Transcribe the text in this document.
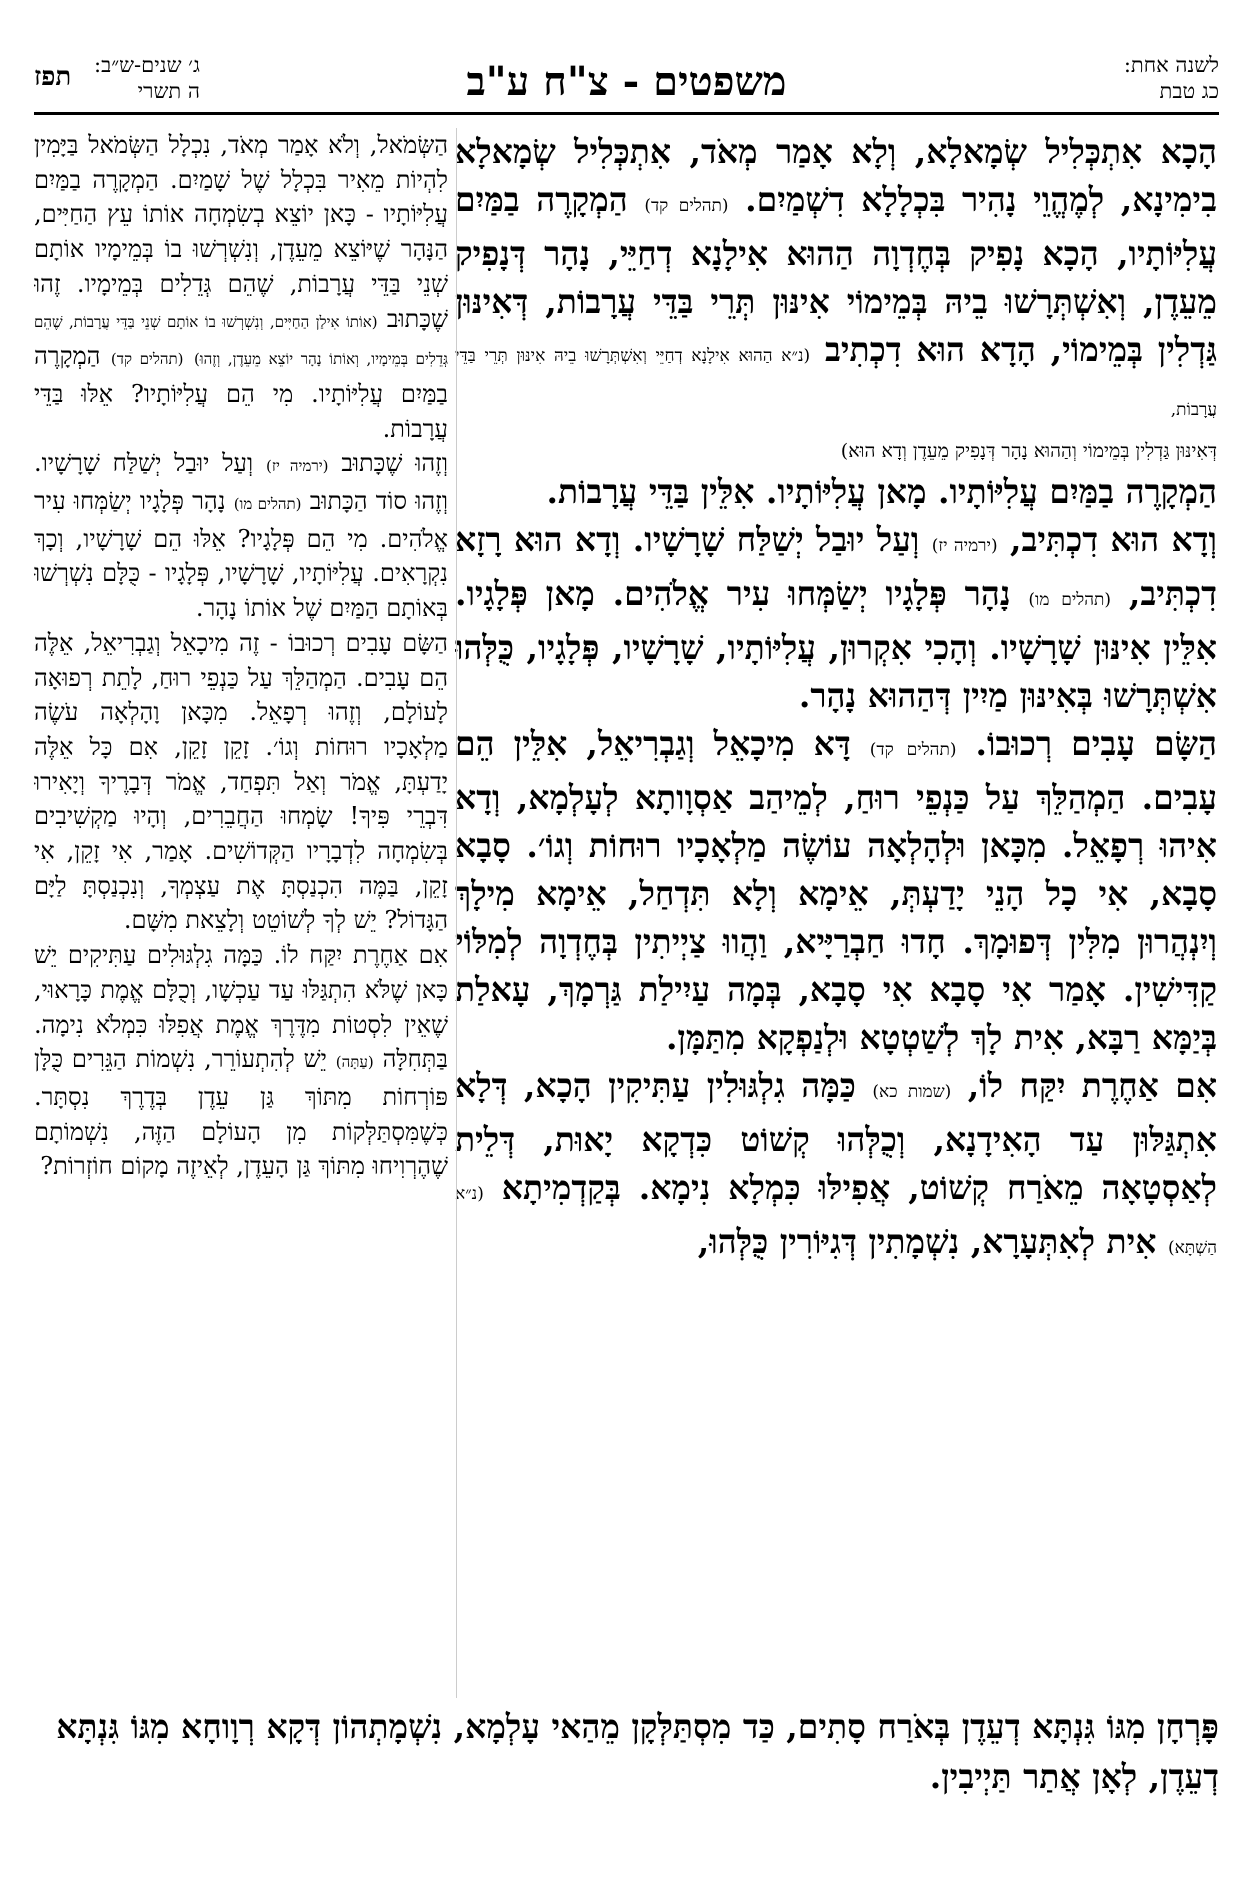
לשנה אחת:
כג טבת
משפטים - צ"ח ע"ב
ג׳ שנים-ש״ב:
ה תשרי
תפז

הָכָא אִתְכְּלִיל שְׂמָאלָא, וְלָא אָמַר מְאֹד, אִתְכְּלִיל שְׂמָאלָא בִימִינָא, לְמֶהֱוֵי נָהִיר בִּכְלָלָא דִשְׁמַיִם. (תהלים קד) הַמְקָרֶה בַמַּיִם עֲלִיּוֹתָיו, הָכָא נָפִיק בְּחֶדְוָה הַהוּא אִילָנָא דְחַיֵּי, נָהָר דְּנָפִיק מֵעֵדֶן, וְאִשְׁתְּרָשׁוּ בֵיהּ בְּמֵימוֹי אִינּוּן תְּרֵי בַּדֵּי עֲרָבוֹת, דְּאִינּוּן גַּדְלִין בְּמֵימוֹי, הָדָא הוּא דִכְתִיב (נ״א הַהוּא אִילָנָא דְחַיֵּי וְאִשְׁתְּרָשׁוּ בֵיהּ אִינּוּן תְּרֵי בַּדֵּי עֲרָבוֹת,

דְּאִינּוּן גַּדְלִין בְּמֵימוֹי וְהַהוּא נָהָר דְּנָפִיק מֵעֵדֶן וְדָא הוּא)

הַמְקָרֶה בַמַּיִם עֲלִיּוֹתָיו. מָאן עֲלִיּוֹתָיו. אִלֵּין בַּדֵּי עֲרָבוֹת.

וְדָא הוּא דִכְתִּיב, (ירמיה יז) וְעַל יוּבַל יְשַׁלַּח שָׁרָשָׁיו. וְדָא הוּא רָזָא דִכְתִּיב, (תהלים מו) נָהָר פְּלָגָיו יְשַׂמְּחוּ עִיר אֱלֹהִים. מָאן פְּלָגָיו. אִלֵּין אִינּוּן שָׁרָשָׁיו. וְהָכִי אִקְרוּן, עֲלִיּוֹתָיו, שָׁרָשָׁיו, פְּלָגָיו, כֻּלְּהוּ אִשְׁתְּרָשׁוּ בְּאִינּוּן מַיִין דְּהַהוּא נָהָר.

הַשָּׂם עָבִים רְכוּבוֹ. (תהלים קד) דָּא מִיכָאֵל וְגַבְרִיאֵל, אִלֵּין הֵם עָבִים. הַמְהַלֵּךְ עַל כַּנְפֵי רוּחַ, לְמֵיהַב אַסְוָותָא לְעָלְמָא, וְדָא אִיהוּ רְפָאֵל. מִכָּאן וּלְהָלְאָה עוֹשֶׂה מַלְאָכָיו רוּחוֹת וְגוֹ׳. סָבָא סָבָא, אִי כָל הָנֵי יָדַעְתְּ, אֵימָא וְלָא תִּדְחַל, אֵימָא מִילָךְ וְיִנְהֲרוּן מִלִּין דְּפוּמָךְ. חָדוּ חַבְרַיָּיא, וַהֲווּ צַיְיתִין בְּחֶדְוָה לְמִלּוֹי קַדִּישִׁין. אָמַר אִי סָבָא אִי סָבָא, בְּמָה עַיִילַת גַּרְמָךְ, עָאלַת בְּיַמָּא רַבָּא, אִית לָךְ לְשַׁטְטָא וּלְנַפְקָא מִתַּמָּן.

אִם אַחֶרֶת יִקַּח לוֹ, (שמות כא) כַּמָּה גִלְגּוּלִין עַתִּיקִין הָכָא, דְּלָא אִתְגַּלּוּן עַד הָאִידָנָא, וְכֻלְּהוּ קְשׁוֹט כִּדְקָא יָאוּת, דְּלֵית לְאַסְטָאָה מֵאֹרַח קְשׁוֹט, אֲפִילּוּ כִּמְלָא נִימָא. בְּקַדְמִיתָא (נ״א הַשְׁתָּא) אִית לְאִתְּעָרָא, נִשְׁמָתִין דְּגִיּוֹרִין כֻּלְּהוּ,

הַשְּׂמֹאל, וְלֹא אָמַר מְאֹד, נִכְלָל הַשְּׂמֹאל בַּיָּמִין לִהְיוֹת מֵאִיר בִּכְלָל שֶׁל שָׁמַיִם. הַמְקָרֶה בַמַּיִם עֲלִיּוֹתָיו - כָּאן יוֹצֵא בְשִׂמְחָה אוֹתוֹ עֵץ הַחַיִּים, הַנָּהָר שֶׁיּוֹצֵא מֵעֵדֶן, וְנִשְׁרְשׁוּ בוֹ בְּמֵימָיו אוֹתָם שְׁנֵי בַּדֵּי עֲרָבוֹת, שֶׁהֵם גְּדֵלִים בְּמֵימָיו. זֶהוּ שֶׁכָּתוּב (אוֹתוֹ אִילַן הַחַיִּים, וְנִשְׁרְשׁוּ בוֹ אוֹתָם שְׁנֵי בַּדֵּי עֲרָבוֹת, שֶׁהֵם גְּדֵלִים בְּמֵימָיו, וְאוֹתוֹ נָהָר יוֹצֵא מֵעֵדֶן, וְזֶהוּ) (תהלים קד) הַמְקָרֶה בַמַּיִם עֲלִיּוֹתָיו. מִי הֵם עֲלִיּוֹתָיו? אֵלּוּ בַּדֵּי עֲרָבוֹת.

וְזֶהוּ שֶׁכָּתוּב (ירמיה יז) וְעַל יוּבַל יְשַׁלַּח שָׁרָשָׁיו. וְזֶהוּ סוֹד הַכָּתוּב (תהלים מו) נָהָר פְּלָגָיו יְשַׂמְּחוּ עִיר אֱלֹהִים. מִי הֵם פְּלָגָיו? אֵלּוּ הֵם שָׁרָשָׁיו, וְכָךְ נִקְרָאִים. עֲלִיּוֹתָיו, שָׁרָשָׁיו, פְּלָגָיו - כֻּלָּם נִשְׁרְשׁוּ בְּאוֹתָם הַמַּיִם שֶׁל אוֹתוֹ נָהָר.

הַשָּׂם עָבִים רְכוּבוֹ - זֶה מִיכָאֵל וְגַבְרִיאֵל, אֵלֶּה הֵם עָבִים. הַמְהַלֵּךְ עַל כַּנְפֵי רוּחַ, לָתֵת רְפוּאָה לָעוֹלָם, וְזֶהוּ רְפָאֵל. מִכָּאן וָהָלְאָה עֹשֶׂה מַלְאָכָיו רוּחוֹת וְגוֹ׳. זָקֵן זָקֵן, אִם כָּל אֵלֶּה יָדַעְתָּ, אֱמֹר וְאַל תִּפְחַד, אֱמֹר דְּבָרֶיךָ וְיָאִירוּ דִּבְרֵי פִּיךָ! שָׂמְחוּ הַחֲבֵרִים, וְהָיוּ מַקְשִׁיבִים בְּשִׂמְחָה לִדְבָרָיו הַקְּדוֹשִׁים. אָמַר, אִי זָקֵן, אִי זָקֵן, בַּמֶּה הִכְנַסְתָּ אֶת עַצְמְךָ, וְנִכְנַסְתָּ לַיָּם הַגָּדוֹל? יֵשׁ לְךָ לְשׁוֹטֵט וְלָצֵאת מִשָּׁם.

אִם אַחֶרֶת יִקַּח לוֹ. כַּמָּה גִלְגּוּלִים עַתִּיקִים יֵשׁ כָּאן שֶׁלֹּא הִתְגַּלּוּ עַד עַכְשָׁו, וְכֻלָּם אֱמֶת כָּרָאוּי, שֶׁאֵין לִסְטוֹת מִדֶּרֶךְ אֱמֶת אֲפִלּוּ כִּמְלֹא נִימָה. בַּתְּחִלָּה (עַתָּה) יֵשׁ לְהִתְעוֹרֵר, נִשְׁמוֹת הַגֵּרִים כֻּלָּן פּוֹרְחוֹת מִתּוֹךְ גַּן עֵדֶן בְּדֶרֶךְ נִסְתָּר. כְּשֶׁמִּסְתַּלְּקוֹת מִן הָעוֹלָם הַזֶּה, נִשְׁמוֹתָם שֶׁהֶרְוִיחוּ מִתּוֹךְ גַּן הָעֵדֶן, לְאֵיזֶה מָקוֹם חוֹזְרוֹת?

פָּרְחָן מִגּוֹ גִּנְתָּא דְעֵדֶן בְּאֹרַח סָתִים, כַּד מִסְתַּלְּקָן מֵהַאי עָלְמָא, נִשְׁמָתְהוֹן דְּקָא רְוָוחָא מִגּוֹ גִּנְתָּא דְעֵדֶן, לְאָן אֲתַר תַּיְיבִין.
